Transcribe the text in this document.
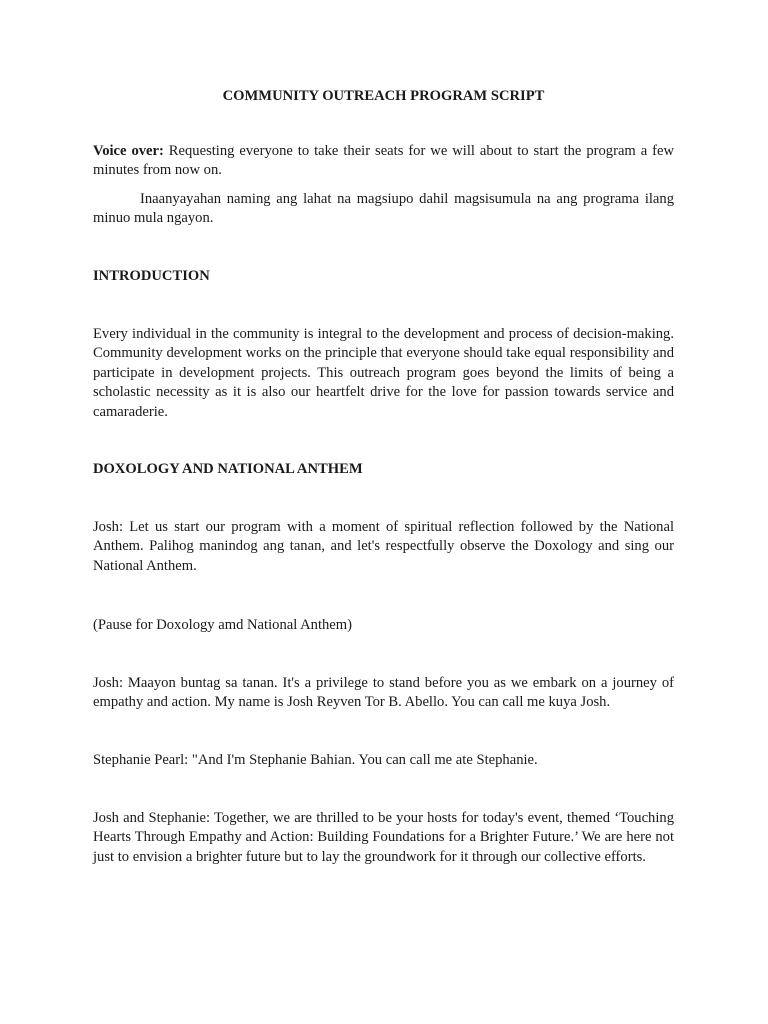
COMMUNITY OUTREACH PROGRAM SCRIPT

Voice over: Requesting everyone to take their seats for we will about to start the program a few minutes from now on.

Inaanyayahan naming ang lahat na magsiupo dahil magsisumula na ang programa ilang minuo mula ngayon.

INTRODUCTION

Every individual in the community is integral to the development and process of decision-making. Community development works on the principle that everyone should take equal responsibility and participate in development projects. This outreach program goes beyond the limits of being a scholastic necessity as it is also our heartfelt drive for the love for passion towards service and camaraderie.

DOXOLOGY AND NATIONAL ANTHEM

Josh: Let us start our program with a moment of spiritual reflection followed by the National Anthem. Palihog manindog ang tanan, and let's respectfully observe the Doxology and sing our National Anthem.

(Pause for Doxology amd National Anthem)

Josh: Maayon buntag sa tanan. It's a privilege to stand before you as we embark on a journey of empathy and action. My name is Josh Reyven Tor B. Abello. You can call me kuya Josh.

Stephanie Pearl: "And I'm Stephanie Bahian. You can call me ate Stephanie.

Josh and Stephanie: Together, we are thrilled to be your hosts for today's event, themed ‘Touching Hearts Through Empathy and Action: Building Foundations for a Brighter Future.’ We are here not just to envision a brighter future but to lay the groundwork for it through our collective efforts.
